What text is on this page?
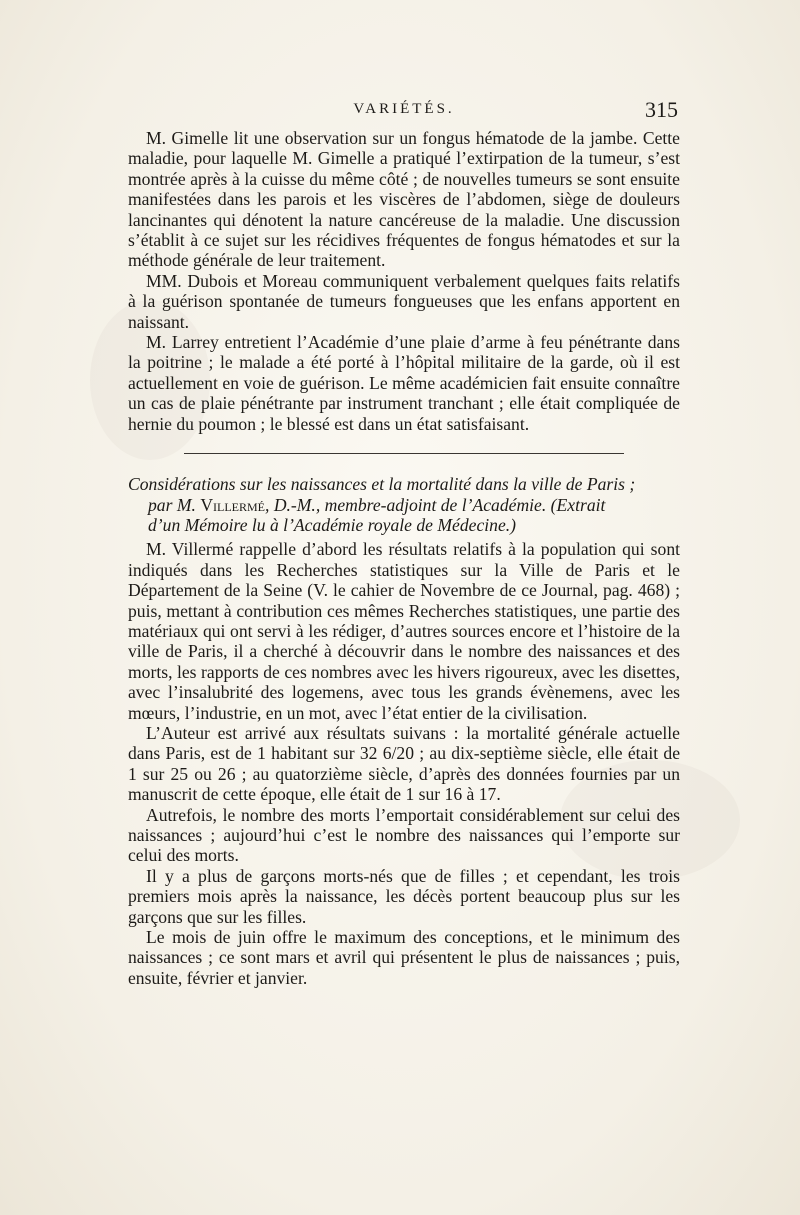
VARIÉTÉS.	315

M. Gimelle lit une observation sur un fongus hématode de la jambe. Cette maladie, pour laquelle M. Gimelle a pratiqué l’extirpation de la tumeur, s’est montrée après à la cuisse du même côté ; de nouvelles tumeurs se sont ensuite manifestées dans les parois et les viscères de l’abdomen, siège de douleurs lancinantes qui dénotent la nature cancéreuse de la maladie. Une discussion s’établit à ce sujet sur les récidives fréquentes de fongus hématodes et sur la méthode générale de leur traitement.

MM. Dubois et Moreau communiquent verbalement quelques faits relatifs à la guérison spontanée de tumeurs fongueuses que les enfans apportent en naissant.

M. Larrey entretient l’Académie d’une plaie d’arme à feu pénétrante dans la poitrine ; le malade a été porté à l’hôpital militaire de la garde, où il est actuellement en voie de guérison. Le même académicien fait ensuite connaître un cas de plaie pénétrante par instrument tranchant ; elle était compliquée de hernie du poumon ; le blessé est dans un état satisfaisant.

Considérations sur les naissances et la mortalité dans la ville de Paris ;

par M. Villermé, D.-M., membre-adjoint de l’Académie. (Extrait

d’un Mémoire lu à l’Académie royale de Médecine.)

M. Villermé rappelle d’abord les résultats relatifs à la population qui sont indiqués dans les Recherches statistiques sur la Ville de Paris et le Département de la Seine (V. le cahier de Novembre de ce Journal, pag. 468) ; puis, mettant à contribution ces mêmes Recherches statistiques, une partie des matériaux qui ont servi à les rédiger, d’autres sources encore et l’histoire de la ville de Paris, il a cherché à découvrir dans le nombre des naissances et des morts, les rapports de ces nombres avec les hivers rigoureux, avec les disettes, avec l’insalubrité des logemens, avec tous les grands évènemens, avec les mœurs, l’industrie, en un mot, avec l’état entier de la civilisation.

L’Auteur est arrivé aux résultats suivans : la mortalité générale actuelle dans Paris, est de 1 habitant sur 32 6/20 ; au dix-septième siècle, elle était de 1 sur 25 ou 26 ; au quatorzième siècle, d’après des données fournies par un manuscrit de cette époque, elle était de 1 sur 16 à 17.

Autrefois, le nombre des morts l’emportait considérablement sur celui des naissances ; aujourd’hui c’est le nombre des naissances qui l’emporte sur celui des morts.

Il y a plus de garçons morts-nés que de filles ; et cependant, les trois premiers mois après la naissance, les décès portent beaucoup plus sur les garçons que sur les filles.

Le mois de juin offre le maximum des conceptions, et le minimum des naissances ; ce sont mars et avril qui présentent le plus de naissances ; puis, ensuite, février et janvier.
